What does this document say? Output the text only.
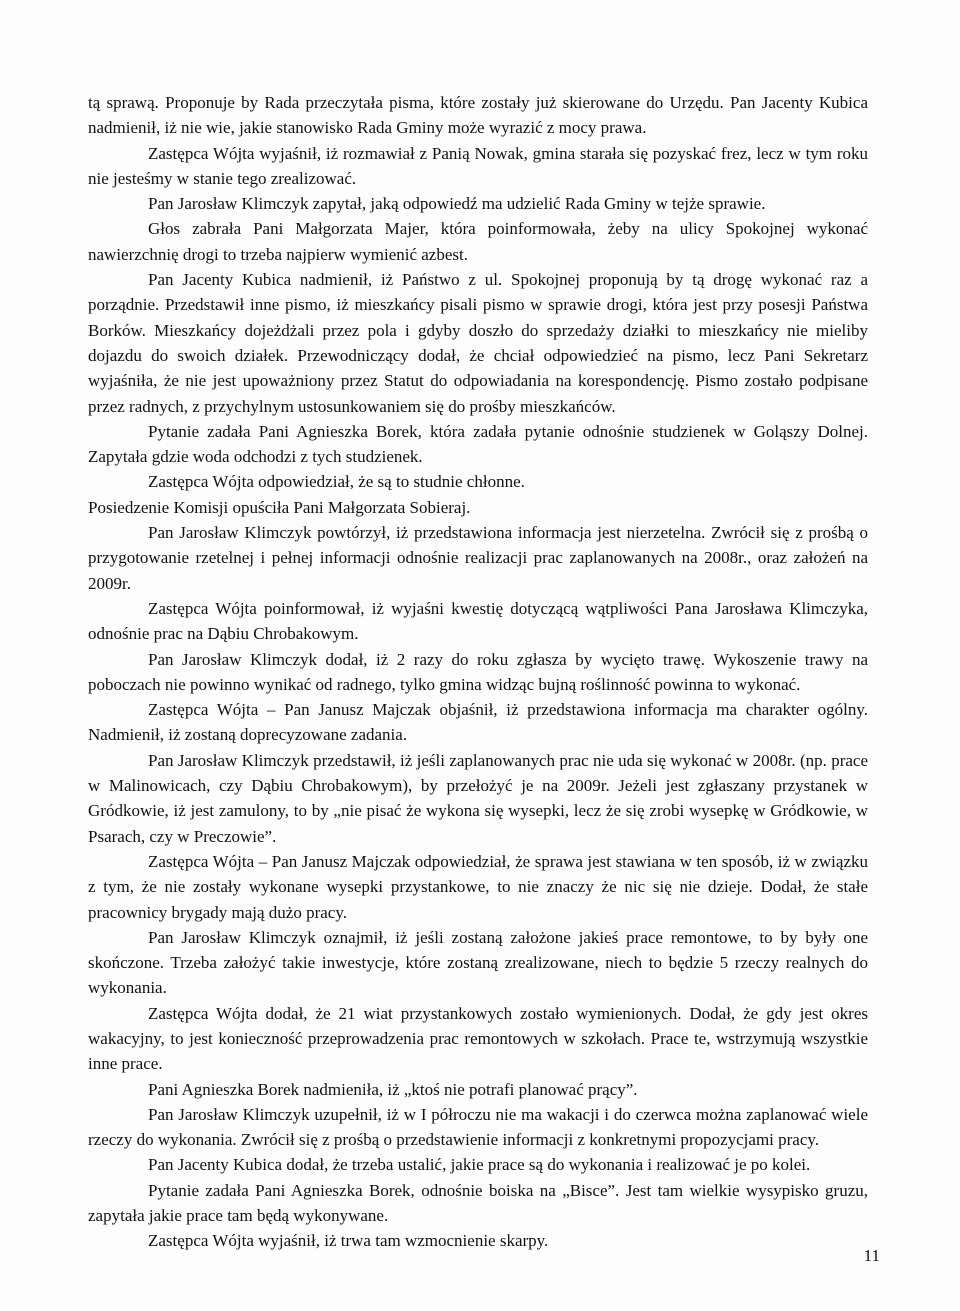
tą sprawą. Proponuje by Rada przeczytała pisma, które zostały już skierowane do Urzędu. Pan Jacenty Kubica nadmienił, iż nie wie, jakie stanowisko Rada Gminy może wyrazić z mocy prawa.

Zastępca Wójta wyjaśnił, iż rozmawiał z Panią Nowak, gmina starała się pozyskać frez, lecz w tym roku nie jesteśmy w stanie tego zrealizować.

Pan Jarosław Klimczyk zapytał, jaką odpowiedź ma udzielić Rada Gminy w tejże sprawie.

Głos zabrała Pani Małgorzata Majer, która poinformowała, żeby na ulicy Spokojnej wykonać nawierzchnię drogi to trzeba najpierw wymienić azbest.

Pan Jacenty Kubica nadmienił, iż Państwo z ul. Spokojnej proponują by tą drogę wykonać raz a porządnie. Przedstawił inne pismo, iż mieszkańcy pisali pismo w sprawie drogi, która jest przy posesji Państwa Borków. Mieszkańcy dojeżdżali przez pola i gdyby doszło do sprzedaży działki to mieszkańcy nie mieliby dojazdu do swoich działek. Przewodniczący dodał, że chciał odpowiedzieć na pismo, lecz Pani Sekretarz wyjaśniła, że nie jest upoważniony przez Statut do odpowiadania na korespondencję. Pismo zostało podpisane przez radnych, z przychylnym ustosunkowaniem się do prośby mieszkańców.

Pytanie zadała Pani Agnieszka Borek, która zadała pytanie odnośnie studzienek w Goląszy Dolnej. Zapytała gdzie woda odchodzi z tych studzienek.

Zastępca Wójta odpowiedział, że są to studnie chłonne.

Posiedzenie Komisji opuściła Pani Małgorzata Sobieraj.

Pan Jarosław Klimczyk powtórzył, iż przedstawiona informacja jest nierzetelna. Zwrócił się z prośbą o przygotowanie rzetelnej i pełnej informacji odnośnie realizacji prac zaplanowanych na 2008r., oraz założeń na 2009r.

Zastępca Wójta poinformował, iż wyjaśni kwestię dotyczącą wątpliwości Pana Jarosława Klimczyka, odnośnie prac na Dąbiu Chrobakowym.

Pan Jarosław Klimczyk dodał, iż 2 razy do roku zgłasza by wycięto trawę. Wykoszenie trawy na poboczach nie powinno wynikać od radnego, tylko gmina widząc bujną roślinność powinna to wykonać.

Zastępca Wójta – Pan Janusz Majczak objaśnił, iż przedstawiona informacja ma charakter ogólny. Nadmienił, iż zostaną doprecyzowane zadania.

Pan Jarosław Klimczyk przedstawił, iż jeśli zaplanowanych prac nie uda się wykonać w 2008r. (np. prace w Malinowicach, czy Dąbiu Chrobakowym), by przełożyć je na 2009r. Jeżeli jest zgłaszany przystanek w Gródkowie, iż jest zamulony, to by „nie pisać że wykona się wysepki, lecz że się zrobi wysepkę w Gródkowie, w Psarach, czy w Preczowie”.

Zastępca Wójta – Pan Janusz Majczak odpowiedział, że sprawa jest stawiana w ten sposób, iż w związku z tym, że nie zostały wykonane wysepki przystankowe, to nie znaczy że nic się nie dzieje. Dodał, że stałe pracownicy brygady mają dużo pracy.

Pan Jarosław Klimczyk oznajmił, iż jeśli zostaną założone jakieś prace remontowe, to by były one skończone. Trzeba założyć takie inwestycje, które zostaną zrealizowane, niech to będzie 5 rzeczy realnych do wykonania.

Zastępca Wójta dodał, że 21 wiat przystankowych zostało wymienionych. Dodał, że gdy jest okres wakacyjny, to jest konieczność przeprowadzenia prac remontowych w szkołach. Prace te, wstrzymują wszystkie inne prace.

Pani Agnieszka Borek nadmieniła, iż „ktoś nie potrafi planować prący”.

Pan Jarosław Klimczyk uzupełnił, iż w I półroczu nie ma wakacji i do czerwca można zaplanować wiele rzeczy do wykonania. Zwrócił się z prośbą o przedstawienie informacji z konkretnymi propozycjami pracy.

Pan Jacenty Kubica dodał, że trzeba ustalić, jakie prace są do wykonania i realizować je po kolei.

Pytanie zadała Pani Agnieszka Borek, odnośnie boiska na „Bisce”. Jest tam wielkie wysypisko gruzu, zapytała jakie prace tam będą wykonywane.

Zastępca Wójta wyjaśnił, iż trwa tam wzmocnienie skarpy.

11
